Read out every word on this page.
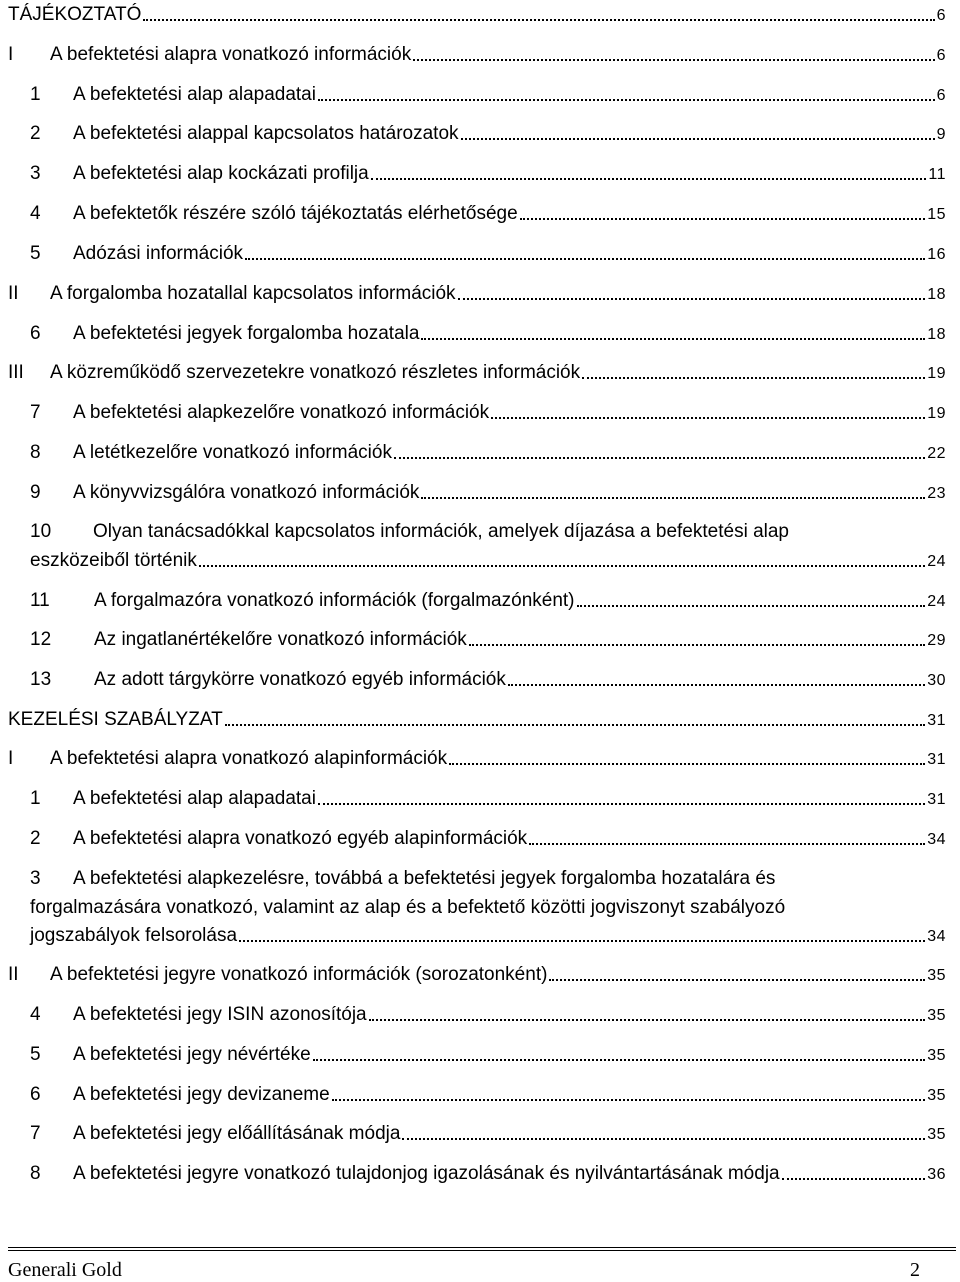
TÁJÉKOZTATÓ	6
I	A befektetési alapra vonatkozó információk	6
1	A befektetési alap alapadatai	6
2	A befektetési alappal kapcsolatos határozatok	9
3	A befektetési alap kockázati profilja	11
4	A befektetők részére szóló tájékoztatás elérhetősége	15
5	Adózási információk	16
II	A forgalomba hozatallal kapcsolatos információk	18
6	A befektetési jegyek forgalomba hozatala	18
III	A közreműködő szervezetekre vonatkozó részletes információk	19
7	A befektetési alapkezelőre vonatkozó információk	19
8	A letétkezelőre vonatkozó információk	22
9	A könyvvizsgálóra vonatkozó információk	23
10 Olyan tanácsadókkal kapcsolatos információk, amelyek díjazása a befektetési alap
eszközeiből történik	24
11	A forgalmazóra vonatkozó információk (forgalmazónként)	24
12	Az ingatlanértékelőre vonatkozó információk	29
13	Az adott tárgykörre vonatkozó egyéb információk	30
KEZELÉSI SZABÁLYZAT	31
I	A befektetési alapra vonatkozó alapinformációk	31
1	A befektetési alap alapadatai	31
2	A befektetési alapra vonatkozó egyéb alapinformációk	34
3 A befektetési alapkezelésre, továbbá a befektetési jegyek forgalomba hozatalára és
forgalmazására vonatkozó, valamint az alap és a befektető közötti jogviszonyt szabályozó
jogszabályok felsorolása	34
II	A befektetési jegyre vonatkozó információk (sorozatonként)	35
4	A befektetési jegy ISIN azonosítója	35
5	A befektetési jegy névértéke	35
6	A befektetési jegy devizaneme	35
7	A befektetési jegy előállításának módja	35
8	A befektetési jegyre vonatkozó tulajdonjog igazolásának és nyilvántartásának módja	36
Generali Gold	2
